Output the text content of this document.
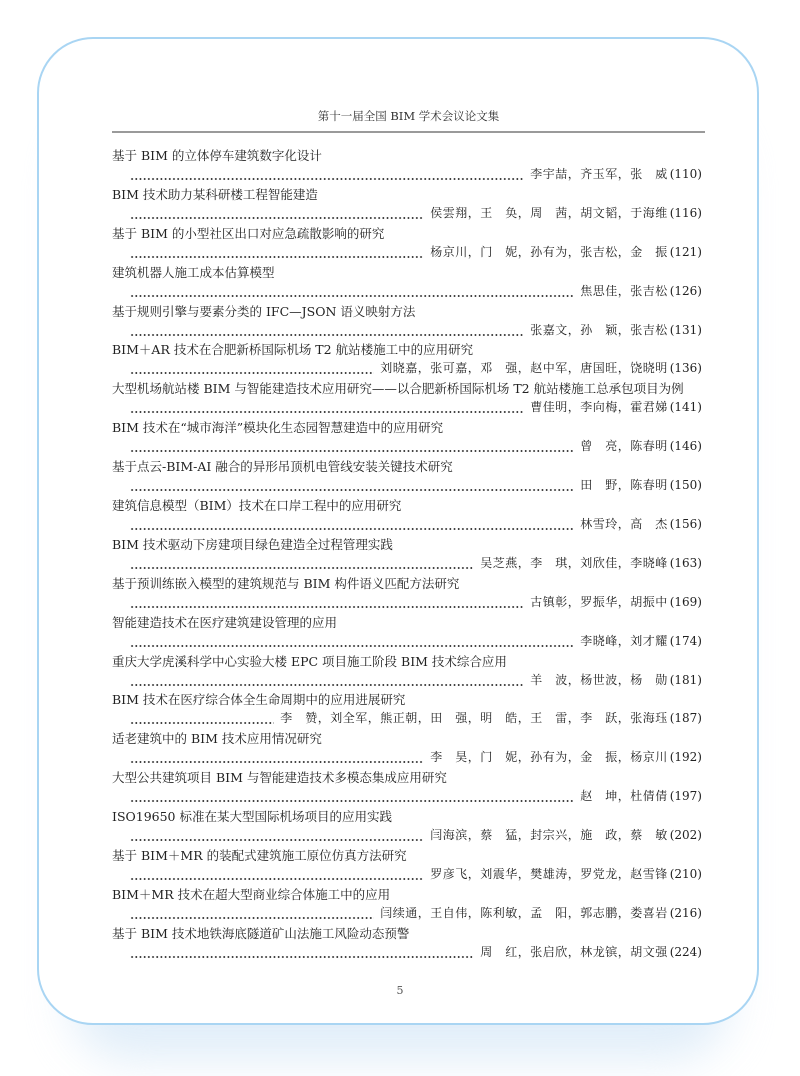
第十一届全国 BIM 学术会议论文集
基于 BIM 的立体停车建筑数字化设计
李宇喆，齐玉军，张　威 (110)
BIM 技术助力某科研楼工程智能建造
侯雲翔，王　奂，周　茜，胡文韬，于海维 (116)
基于 BIM 的小型社区出口对应急疏散影响的研究
杨京川，门　妮，孙有为，张吉松，金　振 (121)
建筑机器人施工成本估算模型
焦思佳，张吉松 (126)
基于规则引擎与要素分类的 IFC—JSON 语义映射方法
张嘉文，孙　颖，张吉松 (131)
BIM＋AR 技术在合肥新桥国际机场 T2 航站楼施工中的应用研究
刘晓嘉，张可嘉，邓　强，赵中军，唐国旺，饶晓明 (136)
大型机场航站楼 BIM 与智能建造技术应用研究——以合肥新桥国际机场 T2 航站楼施工总承包项目为例
曹佳明，李向梅，霍君娣 (141)
BIM 技术在“城市海洋”模块化生态园智慧建造中的应用研究
曾　亮，陈春明 (146)
基于点云-BIM-AI 融合的异形吊顶机电管线安装关键技术研究
田　野，陈春明 (150)
建筑信息模型（BIM）技术在口岸工程中的应用研究
林雪玲，高　杰 (156)
BIM 技术驱动下房建项目绿色建造全过程管理实践
吴芝燕，李　琪，刘欣佳，李晓峰 (163)
基于预训练嵌入模型的建筑规范与 BIM 构件语义匹配方法研究
古镇彰，罗振华，胡振中 (169)
智能建造技术在医疗建筑建设管理的应用
李晓峰，刘才耀 (174)
重庆大学虎溪科学中心实验大楼 EPC 项目施工阶段 BIM 技术综合应用
羊　波，杨世波，杨　勋 (181)
BIM 技术在医疗综合体全生命周期中的应用进展研究
李　赞，刘全军，熊正朝，田　强，明　皓，王　雷，李　跃，张海珏 (187)
适老建筑中的 BIM 技术应用情况研究
李　昊，门　妮，孙有为，金　振，杨京川 (192)
大型公共建筑项目 BIM 与智能建造技术多模态集成应用研究
赵　坤，杜倩倩 (197)
ISO19650 标准在某大型国际机场项目的应用实践
闫海滨，蔡　猛，封宗兴，施　政，蔡　敏 (202)
基于 BIM＋MR 的装配式建筑施工原位仿真方法研究
罗彦飞，刘震华，樊雄涛，罗党龙，赵雪锋 (210)
BIM＋MR 技术在超大型商业综合体施工中的应用
闫续通，王自伟，陈利敏，孟　阳，郭志鹏，娄喜岩 (216)
基于 BIM 技术地铁海底隧道矿山法施工风险动态预警
周　红，张启欣，林龙镔，胡文强 (224)
5
